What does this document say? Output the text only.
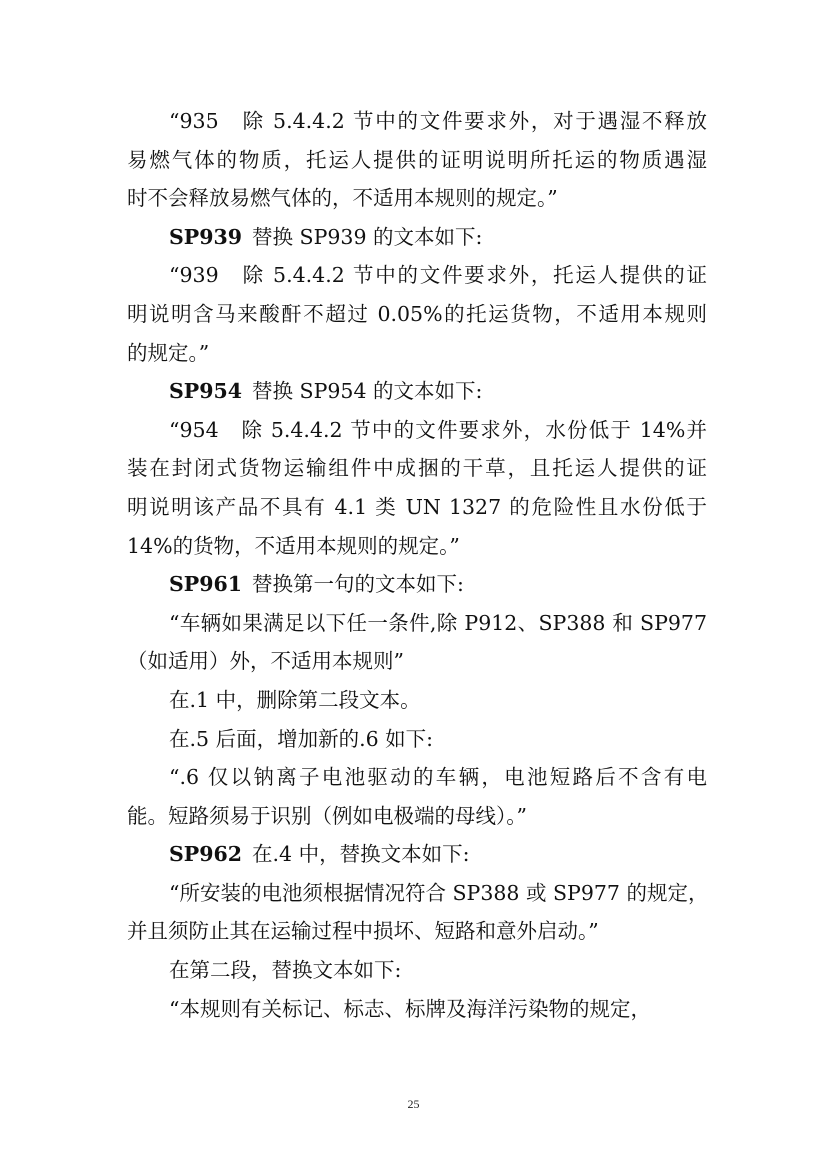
“935　除 5.4.4.2 节中的文件要求外，对于遇湿不释放
易燃气体的物质，托运人提供的证明说明所托运的物质遇湿
时不会释放易燃气体的，不适用本规则的规定。”
SP939 替换 SP939 的文本如下:
“939　除 5.4.4.2 节中的文件要求外，托运人提供的证
明说明含马来酸酐不超过 0.05%的托运货物，不适用本规则
的规定。”
SP954 替换 SP954 的文本如下:
“954　除 5.4.4.2 节中的文件要求外，水份低于 14%并
装在封闭式货物运输组件中成捆的干草，且托运人提供的证
明说明该产品不具有 4.1 类 UN 1327 的危险性且水份低于
14%的货物，不适用本规则的规定。”
SP961 替换第一句的文本如下:
“车辆如果满足以下任一条件,除 P912、SP388 和 SP977
（如适用）外，不适用本规则”
在.1 中，删除第二段文本。
在.5 后面，增加新的.6 如下:
“.6 仅以钠离子电池驱动的车辆，电池短路后不含有电
能。短路须易于识别（例如电极端的母线）。”
SP962 在.4 中，替换文本如下:
“所安装的电池须根据情况符合 SP388 或 SP977 的规定，
并且须防止其在运输过程中损坏、短路和意外启动。”
在第二段，替换文本如下:
“本规则有关标记、标志、标牌及海洋污染物的规定，
25
